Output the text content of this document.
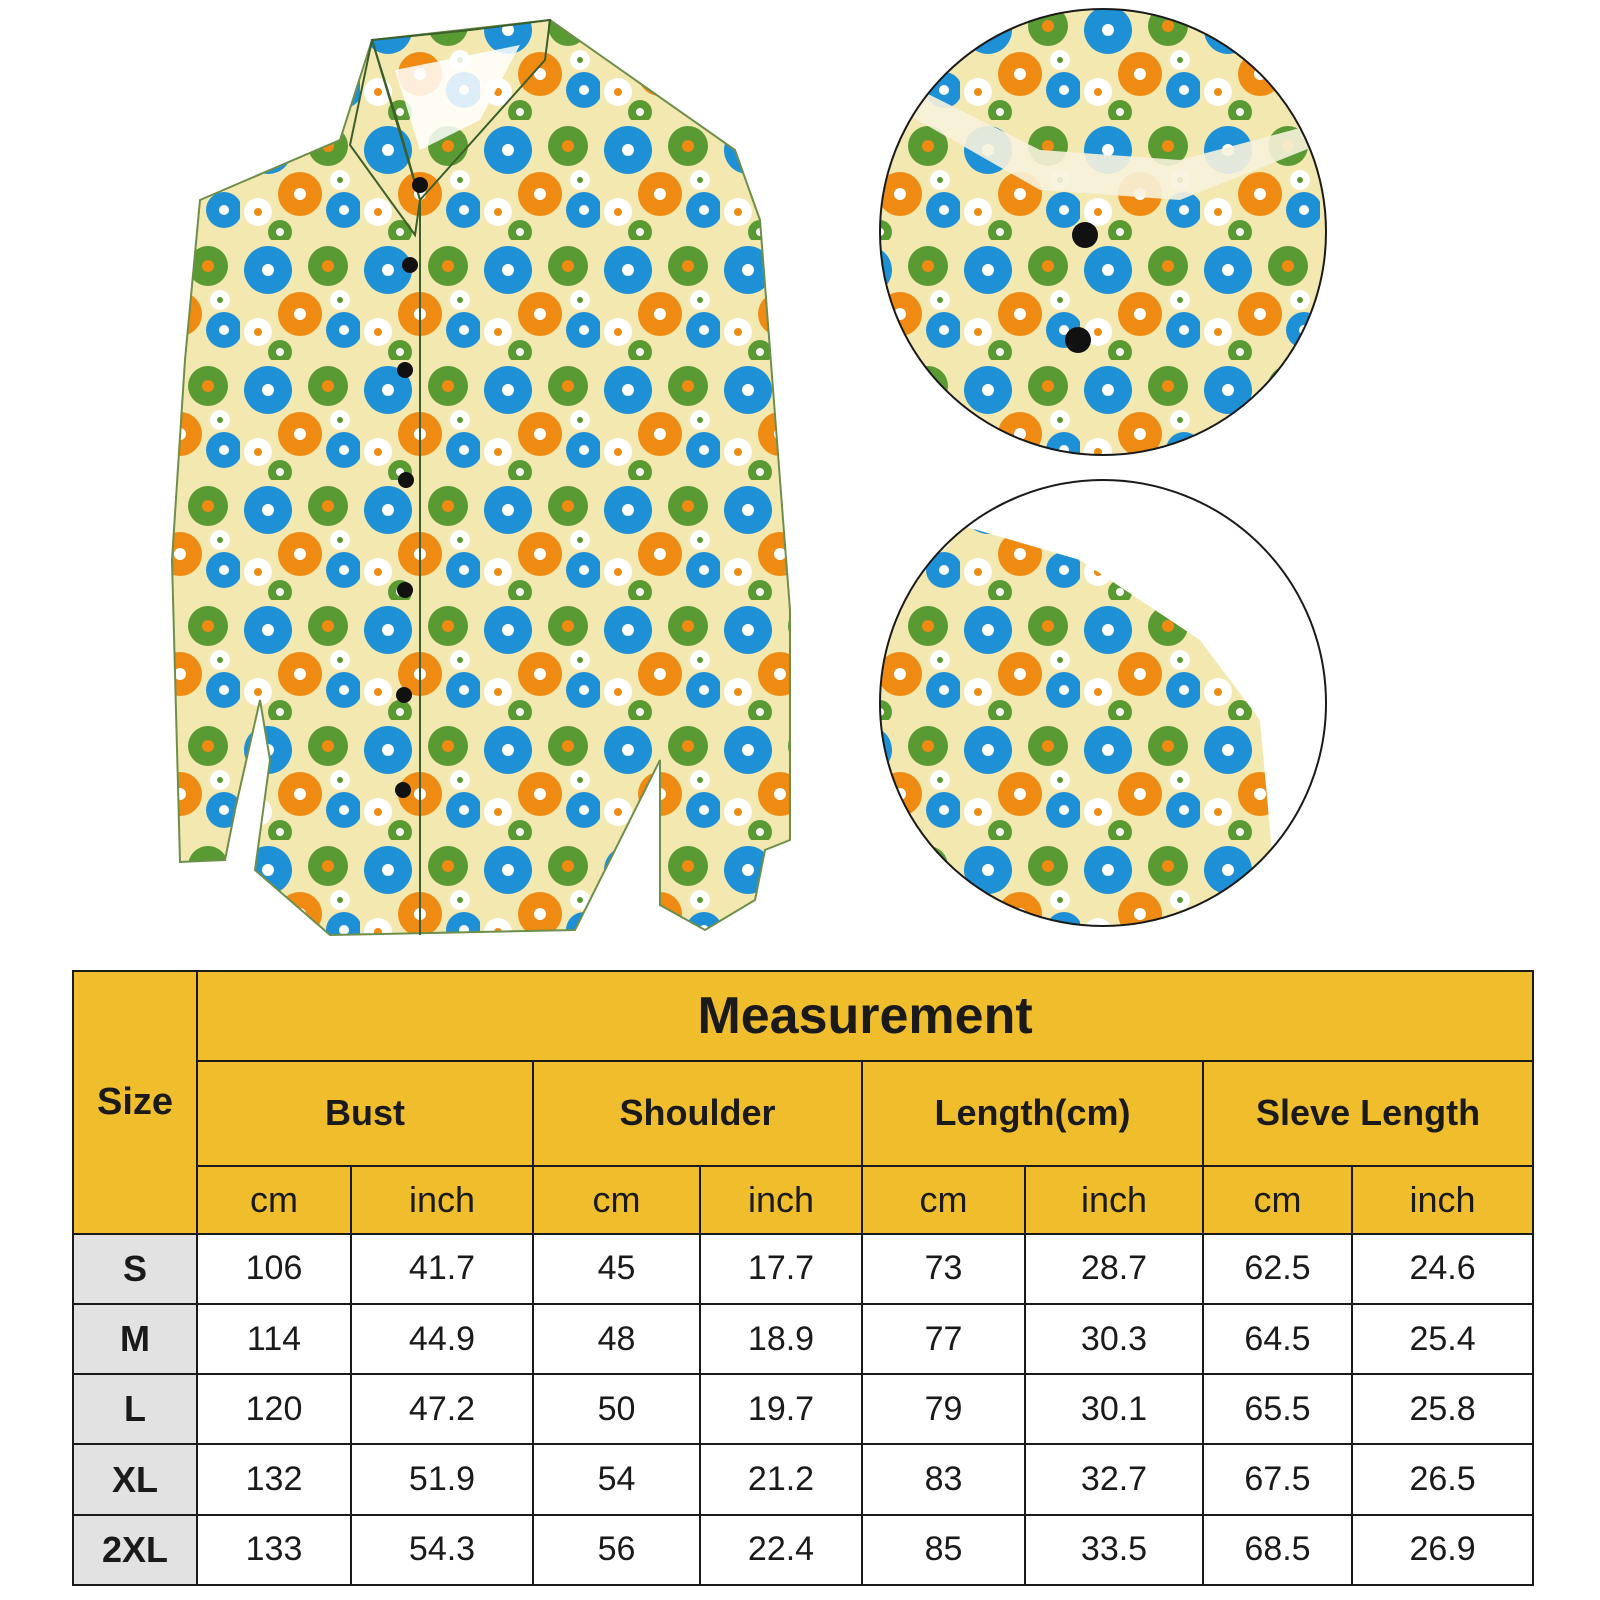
Size	Measurement							
	Bust		Shoulder		Length(cm)		Sleve Length	
	cm	inch	cm	inch	cm	inch	cm	inch
S	106	41.7	45	17.7	73	28.7	62.5	24.6
M	114	44.9	48	18.9	77	30.3	64.5	25.4
L	120	47.2	50	19.7	79	30.1	65.5	25.8
XL	132	51.9	54	21.2	83	32.7	67.5	26.5
2XL	133	54.3	56	22.4	85	33.5	68.5	26.9
